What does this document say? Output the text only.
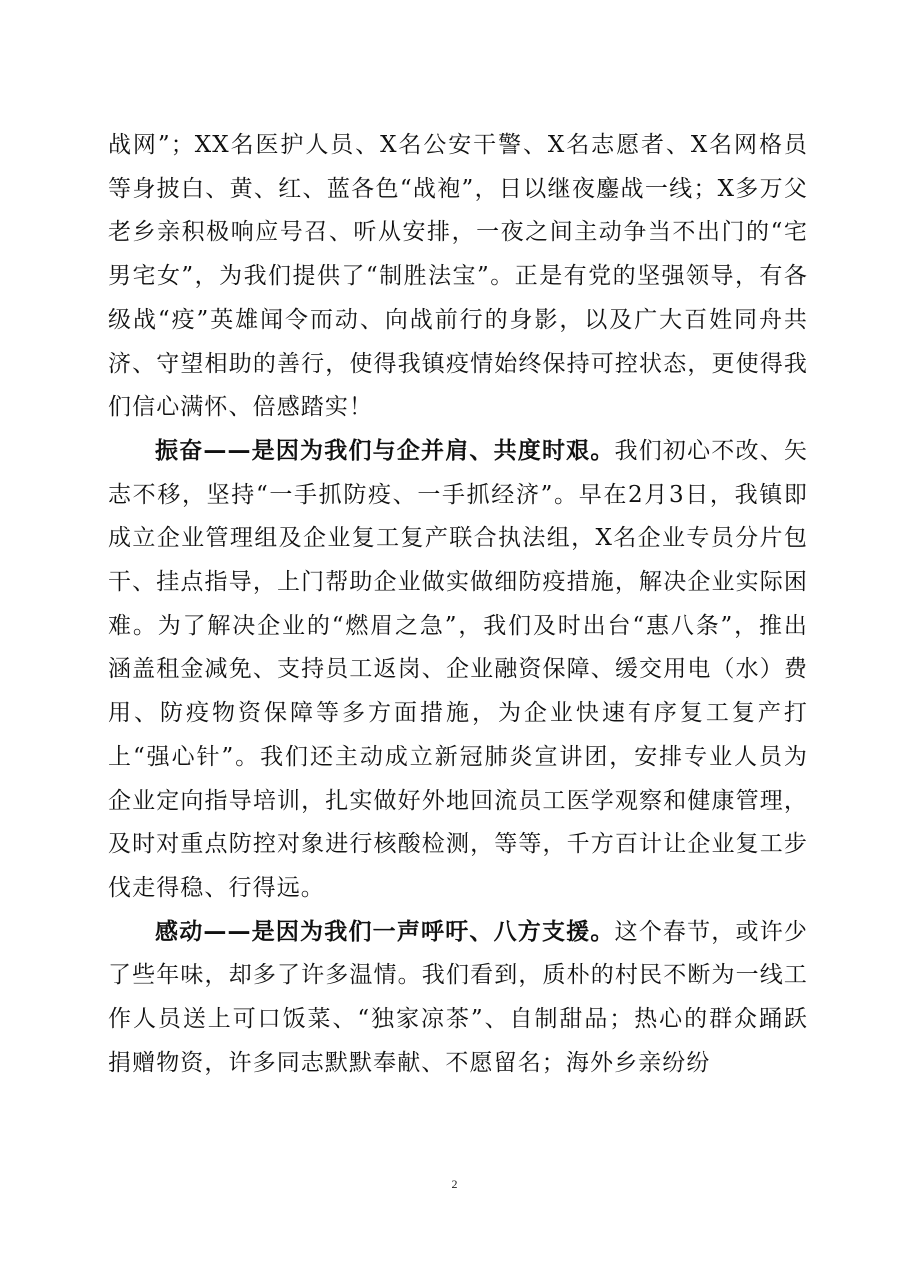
战网”；XX名医护人员、X名公安干警、X名志愿者、X名网格员等身披白、黄、红、蓝各色“战袍”，日以继夜鏖战一线；X多万父老乡亲积极响应号召、听从安排，一夜之间主动争当不出门的“宅男宅女”，为我们提供了“制胜法宝”。正是有党的坚强领导，有各级战“疫”英雄闻令而动、向战前行的身影，以及广大百姓同舟共济、守望相助的善行，使得我镇疫情始终保持可控状态，更使得我们信心满怀、倍感踏实！

振奋——是因为我们与企并肩、共度时艰。我们初心不改、矢志不移，坚持“一手抓防疫、一手抓经济”。早在2月3日，我镇即成立企业管理组及企业复工复产联合执法组，X名企业专员分片包干、挂点指导，上门帮助企业做实做细防疫措施，解决企业实际困难。为了解决企业的“燃眉之急”，我们及时出台“惠八条”，推出涵盖租金减免、支持员工返岗、企业融资保障、缓交用电（水）费用、防疫物资保障等多方面措施，为企业快速有序复工复产打上“强心针”。我们还主动成立新冠肺炎宣讲团，安排专业人员为企业定向指导培训，扎实做好外地回流员工医学观察和健康管理，及时对重点防控对象进行核酸检测，等等，千方百计让企业复工步伐走得稳、行得远。

感动——是因为我们一声呼吁、八方支援。这个春节，或许少了些年味，却多了许多温情。我们看到，质朴的村民不断为一线工作人员送上可口饭菜、“独家凉茶”、自制甜品；热心的群众踊跃捐赠物资，许多同志默默奉献、不愿留名；海外乡亲纷纷

2
